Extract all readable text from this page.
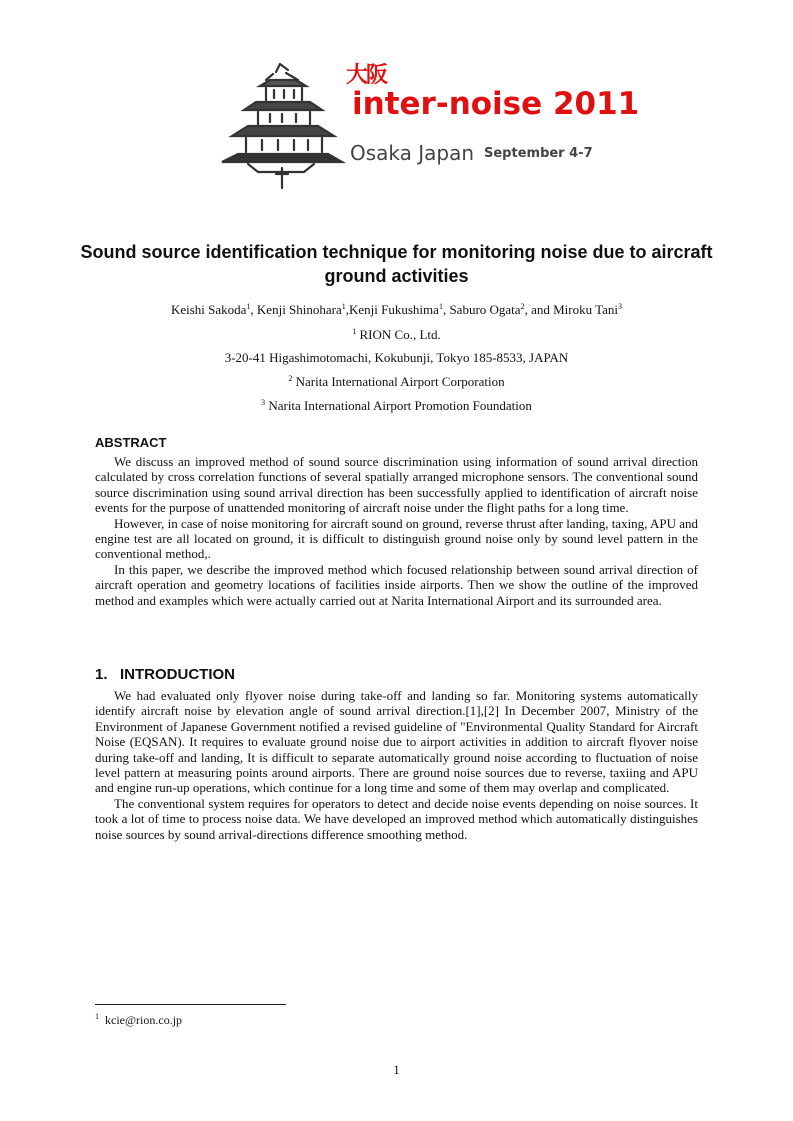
大阪
inter-noise 2011
Osaka Japan September 4-7
Sound source identification technique for monitoring noise due to aircraft ground activities
Keishi Sakoda$^1$, Kenji Shinohara$^1$,Kenji Fukushima$^1$, Saburo Ogata$^2$, and Miroku Tani$^3$
$^1$ RION Co., Ltd.
3-20-41 Higashimotomachi, Kokubunji, Tokyo 185-8533, JAPAN
$^2$ Narita International Airport Corporation
$^3$ Narita International Airport Promotion Foundation
ABSTRACT

We discuss an improved method of sound source discrimination using information of sound arrival direction calculated by cross correlation functions of several spatially arranged microphone sensors. The conventional sound source discrimination using sound arrival direction has been successfully applied to identification of aircraft noise events for the purpose of unattended monitoring of aircraft noise under the flight paths for a long time.

However, in case of noise monitoring for aircraft sound on ground, reverse thrust after landing, taxing, APU and engine test are all located on ground, it is difficult to distinguish ground noise only by sound level pattern in the conventional method,.

In this paper, we describe the improved method which focused relationship between sound arrival direction of aircraft operation and geometry locations of facilities inside airports. Then we show the outline of the improved method and examples which were actually carried out at Narita International Airport and its surrounded area.

1.   INTRODUCTION

We had evaluated only flyover noise during take-off and landing so far. Monitoring systems automatically identify aircraft noise by elevation angle of sound arrival direction.[1],[2] In December 2007, Ministry of the Environment of Japanese Government notified a revised guideline of "Environmental Quality Standard for Aircraft Noise (EQSAN). It requires to evaluate ground noise due to airport activities in addition to aircraft flyover noise during take-off and landing, It is difficult to separate automatically ground noise according to fluctuation of noise level pattern at measuring points around airports. There are ground noise sources due to reverse, taxiing and APU and engine run-up operations, which continue for a long time and some of them may overlap and complicated.

The conventional system requires for operators to detect and decide noise events depending on noise sources. It took a lot of time to process noise data. We have developed an improved method which automatically distinguishes noise sources by sound arrival-directions difference smoothing method.

$^1$ kcie@rion.co.jp
1
